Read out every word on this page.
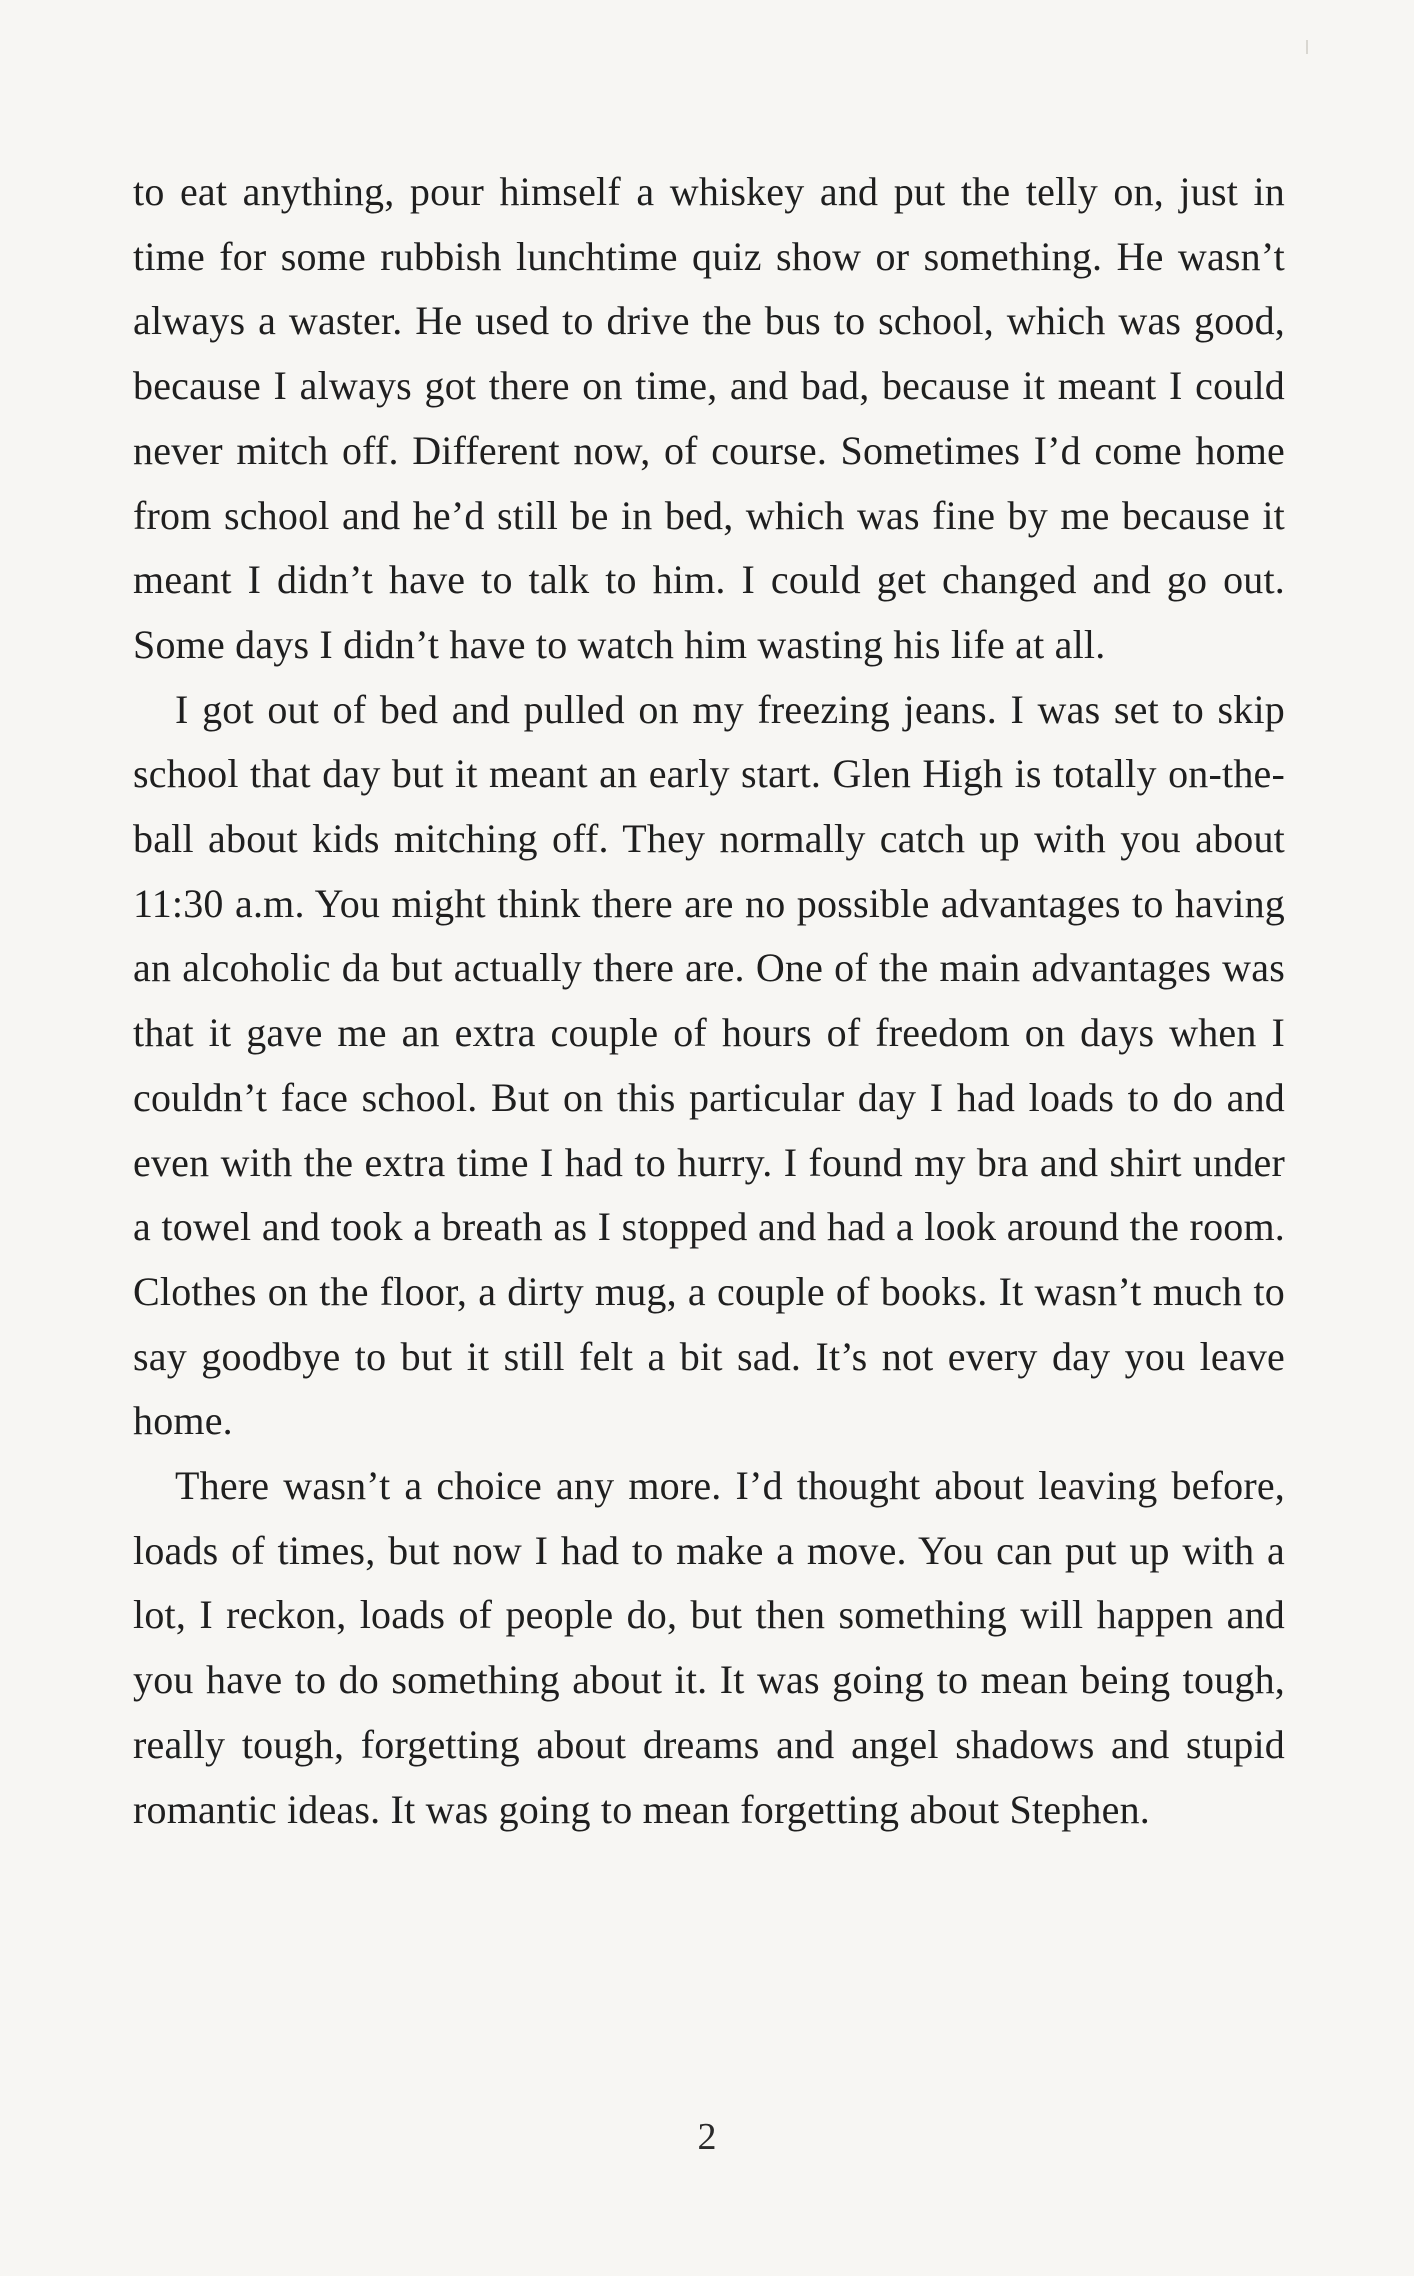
to eat anything, pour himself a whiskey and put the telly on, just in time for some rubbish lunchtime quiz show or something. He wasn’t always a waster. He used to drive the bus to school, which was good, because I always got there on time, and bad, because it meant I could never mitch off. Different now, of course. Sometimes I’d come home from school and he’d still be in bed, which was fine by me because it meant I didn’t have to talk to him. I could get changed and go out. Some days I didn’t have to watch him wasting his life at all.

I got out of bed and pulled on my freezing jeans. I was set to skip school that day but it meant an early start. Glen High is totally on-the-ball about kids mitching off. They normally catch up with you about 11:30 a.m. You might think there are no possible advantages to having an alcoholic da but actually there are. One of the main advantages was that it gave me an extra couple of hours of freedom on days when I couldn’t face school. But on this particular day I had loads to do and even with the extra time I had to hurry. I found my bra and shirt under a towel and took a breath as I stopped and had a look around the room. Clothes on the floor, a dirty mug, a couple of books. It wasn’t much to say goodbye to but it still felt a bit sad. It’s not every day you leave home.

There wasn’t a choice any more. I’d thought about leaving before, loads of times, but now I had to make a move. You can put up with a lot, I reckon, loads of people do, but then something will happen and you have to do something about it. It was going to mean being tough, really tough, forgetting about dreams and angel shadows and stupid romantic ideas. It was going to mean forgetting about Stephen.

2
